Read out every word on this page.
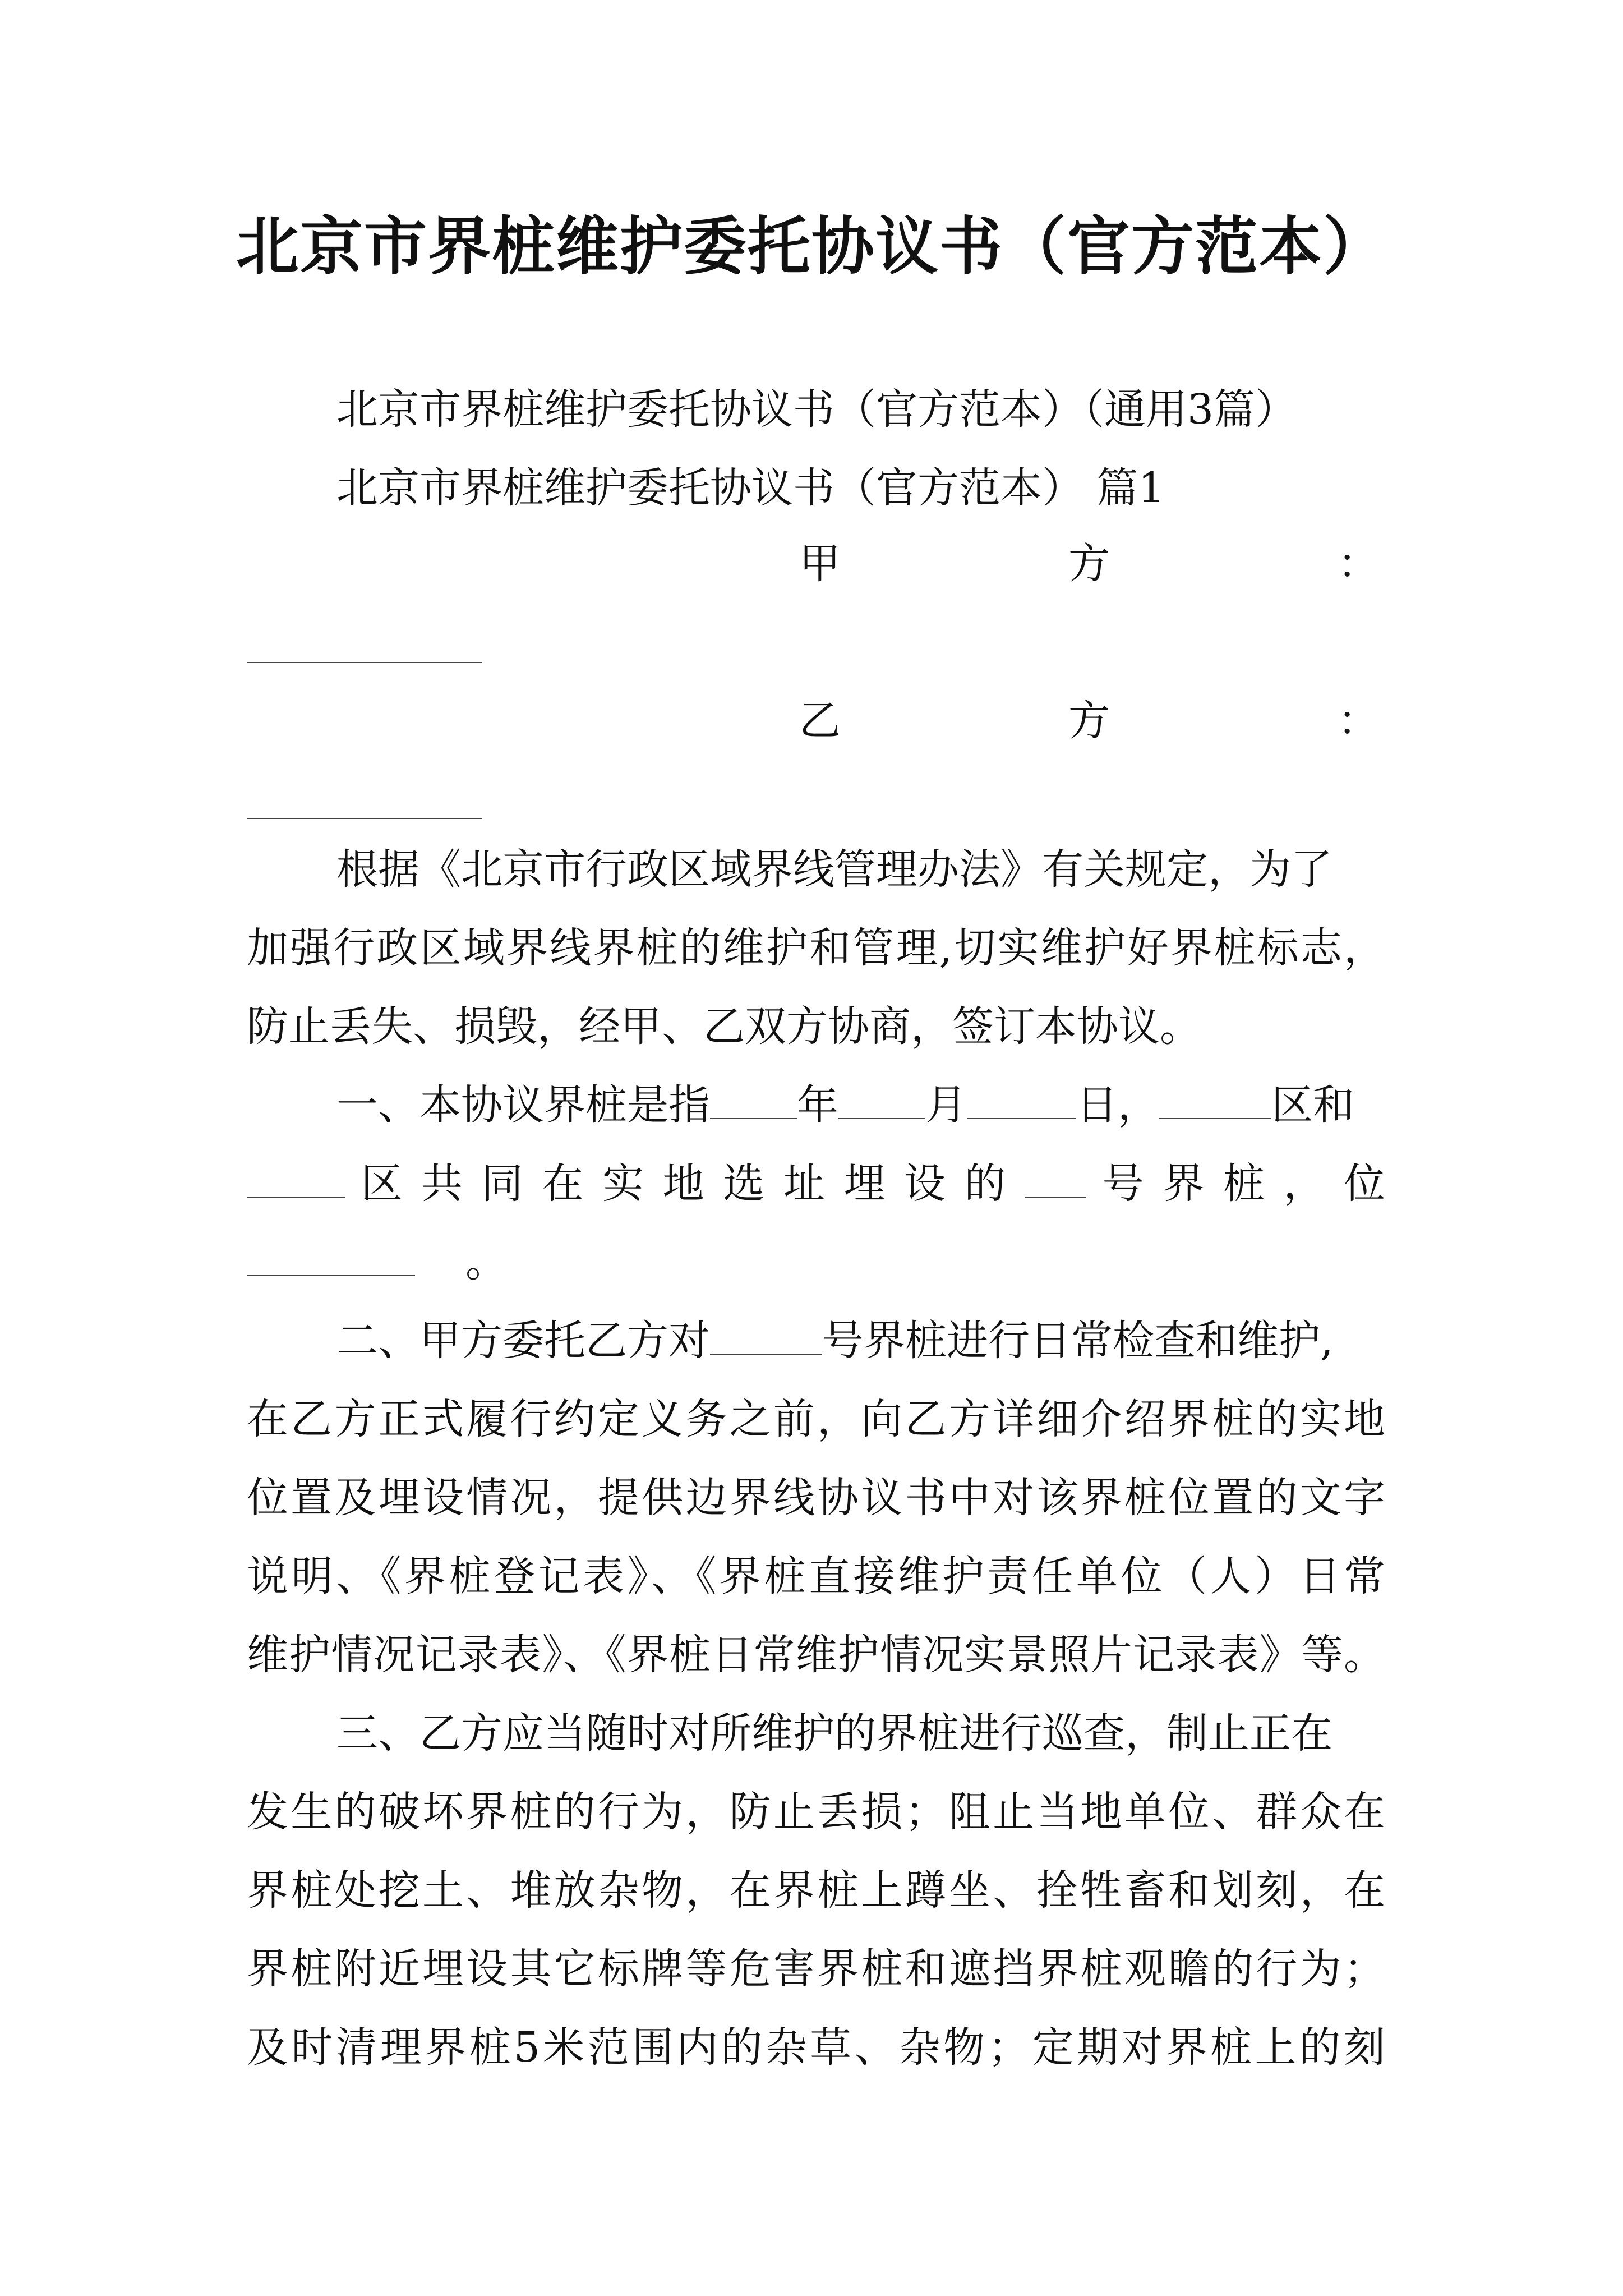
北京市界桩维护委托协议书（官方范本）
北京市界桩维护委托协议书（官方范本）（通用3篇）
北京市界桩维护委托协议书（官方范本） 篇1
甲	方	：
乙	方	：
根据《北京市行政区域界线管理办法》有关规定，为了
加强行政区域界线界桩的维护和管理,切实维护好界桩标志，
防止丢失、损毁，经甲、乙双方协商，签订本协议。
一、本协议界桩是指 年 月	日，	区和
区 共 同 在 实 地 选 址 埋 设 的 号 界 桩 ， 位
。
二、甲方委托乙方对	号界桩进行日常检查和维护,
在乙方正式履行约定义务之前，向乙方详细介绍界桩的实地
位置及埋设情况，提供边界线协议书中对该界桩位置的文字
说明、《界桩登记表》、《界桩直接维护责任单位（人）日常
维护情况记录表》、《界桩日常维护情况实景照片记录表》等。
三、乙方应当随时对所维护的界桩进行巡查，制止正在
发生的破坏界桩的行为，防止丢损；阻止当地单位、群众在
界桩处挖土、堆放杂物，在界桩上蹲坐、拴牲畜和划刻，在
界桩附近埋设其它标牌等危害界桩和遮挡界桩观瞻的行为；
及时清理界桩5米范围内的杂草、杂物；定期对界桩上的刻
